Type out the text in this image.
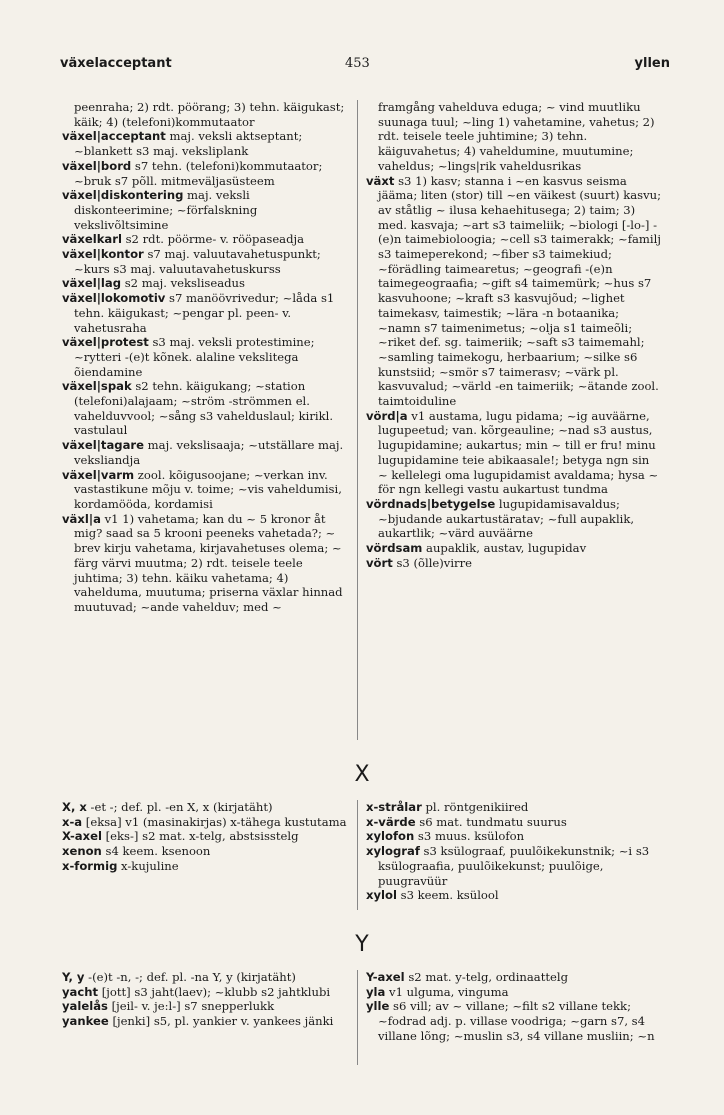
växelacceptant	453	yllen

peenraha; 2) rdt. pöörang; 3) tehn. käigukast; käik; 4) (telefoni)kommutaator

växel|acceptant maj. veksli aktseptant; ~blankett s3 maj. veksliplank

växel|bord s7 tehn. (telefoni)kommutaator; ~bruk s7 põll. mitmeväljasüsteem

växel|diskontering maj. veksli diskonteerimine; ~förfalskning vekslivõltsimine

växelkarl s2 rdt. pöörme- v. rööpaseadja

växel|kontor s7 maj. valuutavahetuspunkt; ~kurs s3 maj. valuutavahetuskurss

växel|lag s2 maj. veksliseadus

växel|lokomotiv s7 manöövrivedur; ~låda s1 tehn. käigukast; ~pengar pl. peen- v. vahetusraha

växel|protest s3 maj. veksli protestimine; ~rytteri -(e)t kõnek. alaline vekslitega õiendamine

växel|spak s2 tehn. käigukang; ~station (telefoni)alajaam; ~ström -strömmen el. vahelduvvool; ~sång s3 vahelduslaul; kirikl. vastulaul

växel|tagare maj. vekslisaaja; ~utställare maj. veksliandja

växel|varm zool. kõigusoojane; ~verkan inv. vastastikune mõju v. toime; ~vis vaheldumisi, kordamööda, kordamisi

växl|a v1 1) vahetama; kan du ~ 5 kronor åt mig? saad sa 5 krooni peeneks vahetada?; ~ brev kirju vahetama, kirjavahetuses olema; ~ färg värvi muutma; 2) rdt. teisele teele juhtima; 3) tehn. käiku vahetama; 4) vahelduma, muutuma; priserna växlar hinnad muutuvad; ~ande vahelduv; med ~

framgång vahelduva eduga; ~ vind muutliku suunaga tuul; ~ling 1) vahetamine, vahetus; 2) rdt. teisele teele juhtimine; 3) tehn. käiguvahetus; 4) vaheldumine, muutumine; vaheldus; ~lings|rik vaheldusrikas

växt s3 1) kasv; stanna i ~en kasvus seisma jääma; liten (stor) till ~en väikest (suurt) kasvu; av ståtlig ~ ilusa kehaehitusega; 2) taim; 3) med. kasvaja; ~art s3 taimeliik; ~biologi [-lo-] -(e)n taimebioloogia; ~cell s3 taimerakk; ~familj s3 taimeperekond; ~fiber s3 taimekiud; ~förädling taimearetus; ~geografi -(e)n taimegeograafia; ~gift s4 taimemürk; ~hus s7 kasvuhoone; ~kraft s3 kasvujõud; ~lighet taimekasv, taimestik; ~lära -n botaanika; ~namn s7 taimenimetus; ~olja s1 taimeõli; ~riket def. sg. taimeriik; ~saft s3 taimemahl; ~samling taimekogu, herbaarium; ~silke s6 kunstsiid; ~smör s7 taimerasv; ~värk pl. kasvuvalud; ~värld -en taimeriik; ~ätande zool. taimtoiduline

vörd|a v1 austama, lugu pidama; ~ig auväärne, lugupeetud; van. kõrgeauline; ~nad s3 austus, lugupidamine; aukartus; min ~ till er fru! minu lugupidamine teie abikaasale!; betyga ngn sin ~ kellelegi oma lugupidamist avaldama; hysa ~ för ngn kellegi vastu aukartust tundma

vördnads|betygelse lugupidamisavaldus; ~bjudande aukartustäratav; ~full aupaklik, aukartlik; ~värd auväärne

vördsam aupaklik, austav, lugupidav

vört s3 (õlle)virre

X

X, x -et -; def. pl. -en X, x (kirjatäht)

x-a [eksa] v1 (masinakirjas) x-tähega kustutama

X-axel [eks-] s2 mat. x-telg, abstsisstelg

xenon s4 keem. ksenoon

x-formig x-kujuline

x-strålar pl. röntgenikiired

x-värde s6 mat. tundmatu suurus

xylofon s3 muus. ksülofon

xylograf s3 ksülograaf, puulõikekunstnik; ~i s3 ksülograafia, puulõikekunst; puulõige, puugravüür

xylol s3 keem. ksülool

Y

Y, y -(e)t -n, -; def. pl. -na Y, y (kirjatäht)

yacht [jott] s3 jaht(laev); ~klubb s2 jahtklubi

yalelås [jeil- v. je:l-] s7 snepperlukk

yankee [jenki] s5, pl. yankier v. yankees jänki

Y-axel s2 mat. y-telg, ordinaattelg

yla v1 ulguma, vinguma

ylle s6 vill; av ~ villane; ~filt s2 villane tekk; ~fodrad adj. p. villase voodriga; ~garn s7, s4 villane lõng; ~muslin s3, s4 villane musliin; ~n
